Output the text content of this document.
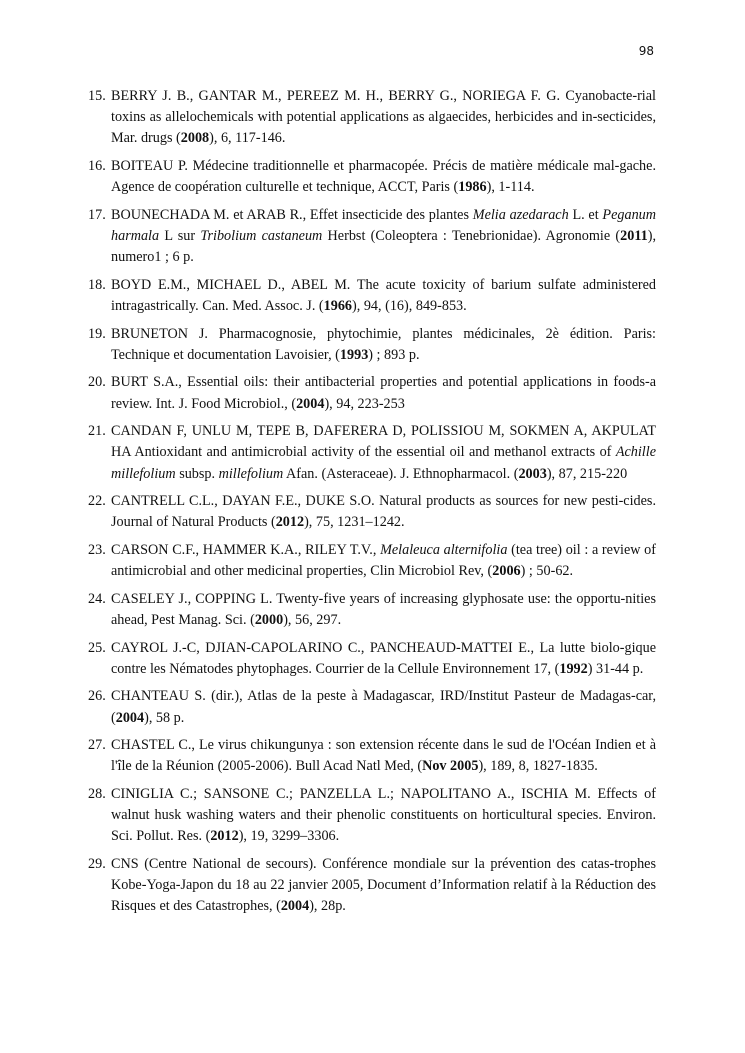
98
15. BERRY J. B., GANTAR M., PEREEZ M. H., BERRY G., NORIEGA F. G. Cyanobacte-rial toxins as allelochemicals with potential applications as algaecides, herbicides and in-secticides, Mar. drugs (2008), 6, 117-146.
16. BOITEAU P. Médecine traditionnelle et pharmacopée. Précis de matière médicale mal-gache. Agence de coopération culturelle et technique, ACCT, Paris (1986), 1-114.
17. BOUNECHADA M. et ARAB R., Effet insecticide des plantes Melia azedarach L. et Peganum harmala L sur Tribolium castaneum Herbst (Coleoptera : Tenebrionidae). Agronomie (2011), numero1 ; 6 p.
18. BOYD E.M., MICHAEL D., ABEL M. The acute toxicity of barium sulfate administered intragastrically. Can. Med. Assoc. J. (1966), 94, (16), 849-853.
19. BRUNETON J. Pharmacognosie, phytochimie, plantes médicinales, 2è édition. Paris: Technique et documentation Lavoisier, (1993) ; 893 p.
20. BURT S.A., Essential oils: their antibacterial properties and potential applications in foods-a review. Int. J. Food Microbiol., (2004), 94, 223-253
21. CANDAN F, UNLU M, TEPE B, DAFERERA D, POLISSIOU M, SOKMEN A, AKPULAT HA Antioxidant and antimicrobial activity of the essential oil and methanol extracts of Achille millefolium subsp. millefolium Afan. (Asteraceae). J. Ethnopharmacol. (2003), 87, 215-220
22. CANTRELL C.L., DAYAN F.E., DUKE S.O. Natural products as sources for new pesti-cides. Journal of Natural Products (2012), 75, 1231–1242.
23. CARSON C.F., HAMMER K.A., RILEY T.V., Melaleuca alternifolia (tea tree) oil : a review of antimicrobial and other medicinal properties, Clin Microbiol Rev, (2006) ; 50-62.
24. CASELEY J., COPPING L. Twenty-five years of increasing glyphosate use: the opportu-nities ahead, Pest Manag. Sci. (2000), 56, 297.
25. CAYROL J.-C, DJIAN-CAPOLARINO C., PANCHEAUD-MATTEI E., La lutte biolo-gique contre les Nématodes phytophages. Courrier de la Cellule Environnement 17, (1992) 31-44 p.
26. CHANTEAU S. (dir.), Atlas de la peste à Madagascar, IRD/Institut Pasteur de Madagas-car, (2004), 58 p.
27. CHASTEL C., Le virus chikungunya : son extension récente dans le sud de l'Océan Indien et à l'île de la Réunion (2005-2006). Bull Acad Natl Med, (Nov 2005), 189, 8, 1827-1835.
28. CINIGLIA C.; SANSONE C.; PANZELLA L.; NAPOLITANO A., ISCHIA M. Effects of walnut husk washing waters and their phenolic constituents on horticultural species. Environ. Sci. Pollut. Res. (2012), 19, 3299–3306.
29. CNS (Centre National de secours). Conférence mondiale sur la prévention des catas-trophes Kobe-Yoga-Japon du 18 au 22 janvier 2005, Document d’Information relatif à la Réduction des Risques et des Catastrophes, (2004), 28p.
